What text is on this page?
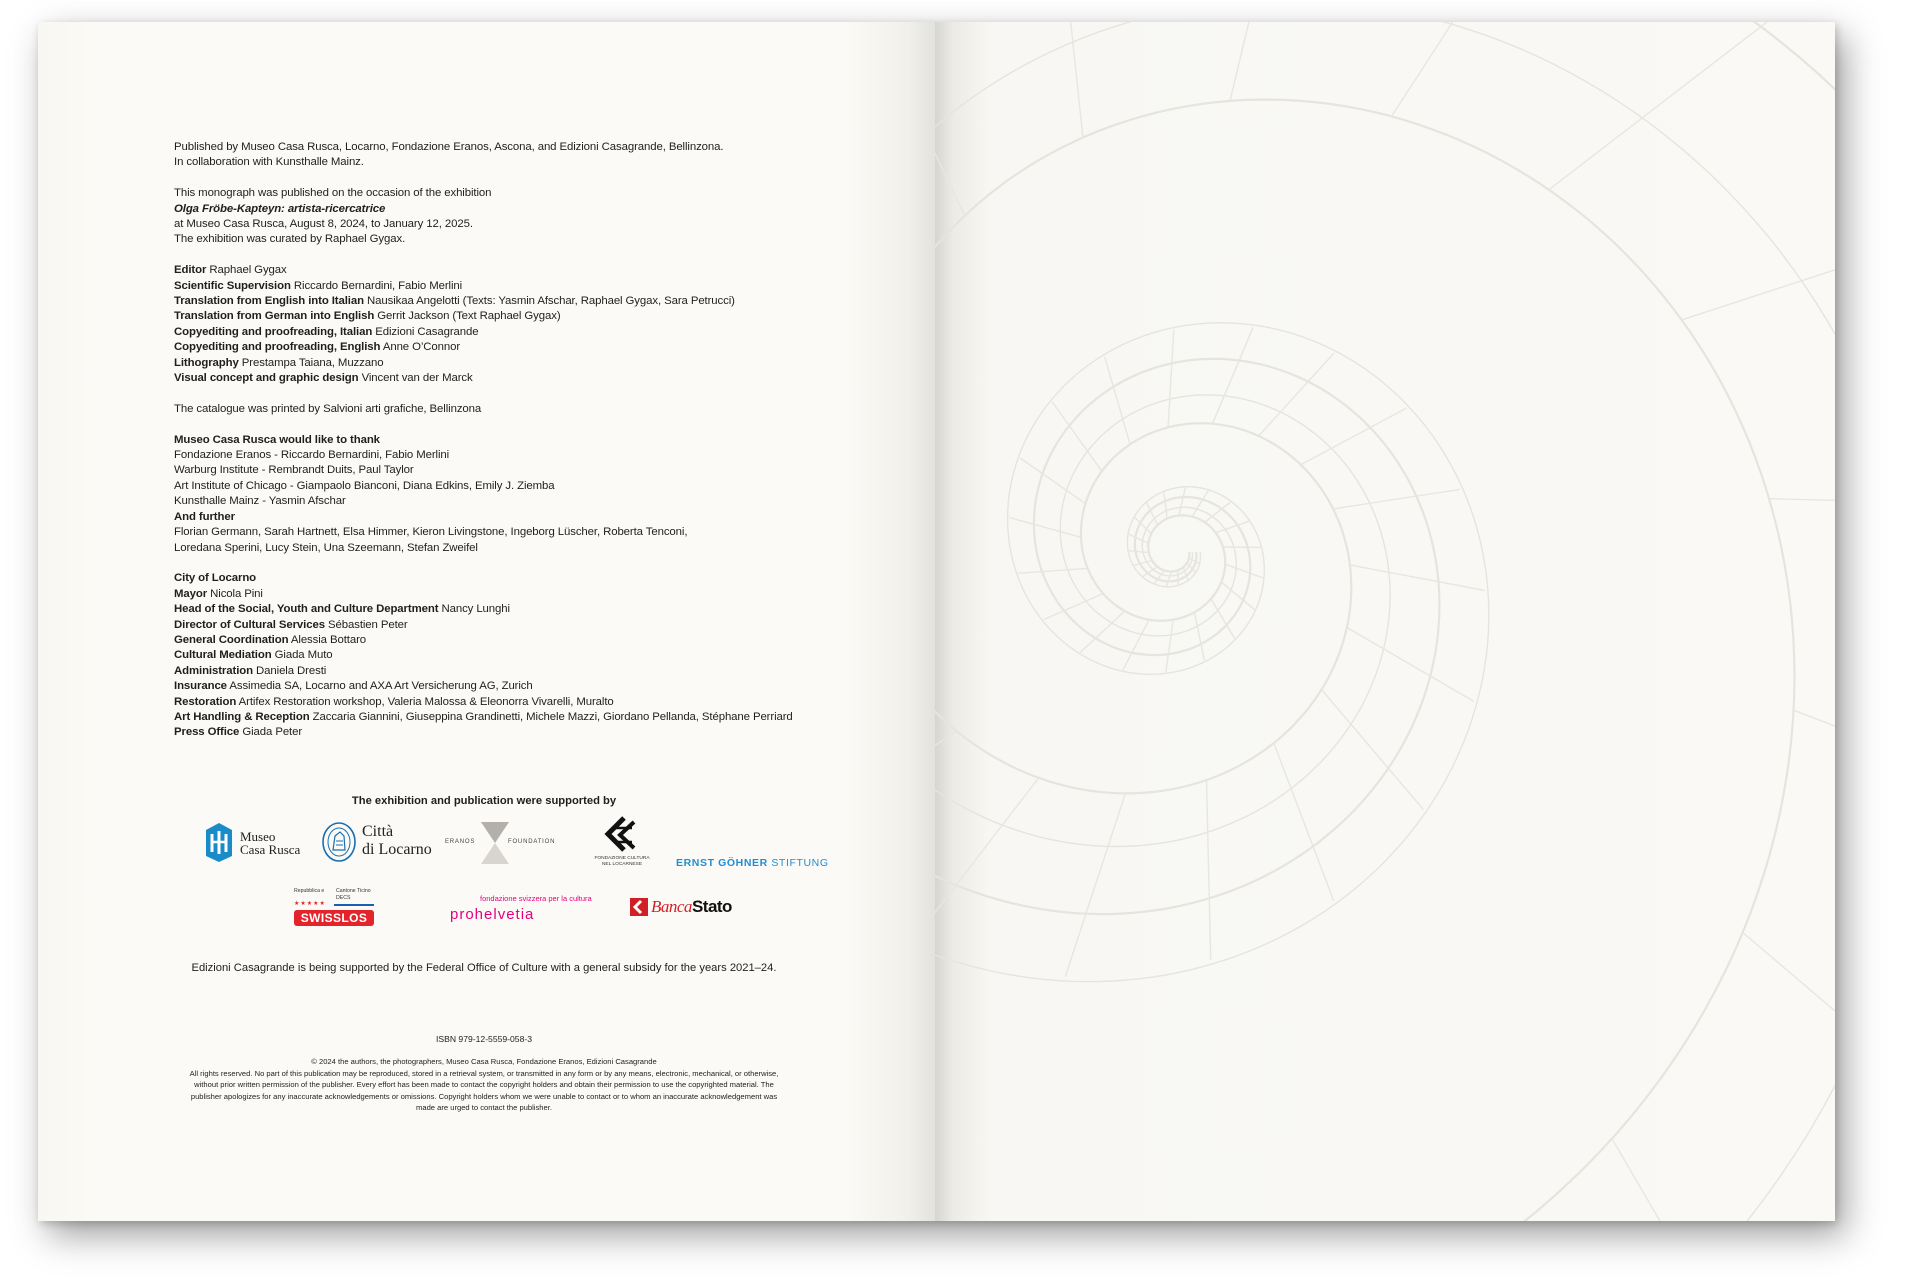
Published by Museo Casa Rusca, Locarno, Fondazione Eranos, Ascona, and Edizioni Casagrande, Bellinzona.

In collaboration with Kunsthalle Mainz.

This monograph was published on the occasion of the exhibition

Olga Fröbe-Kapteyn: artista-ricercatrice

at Museo Casa Rusca, August 8, 2024, to January 12, 2025.

The exhibition was curated by Raphael Gygax.

Editor Raphael Gygax

Scientific Supervision Riccardo Bernardini, Fabio Merlini

Translation from English into Italian Nausikaa Angelotti (Texts: Yasmin Afschar, Raphael Gygax, Sara Petrucci)

Translation from German into English Gerrit Jackson (Text Raphael Gygax)

Copyediting and proofreading, Italian Edizioni Casagrande

Copyediting and proofreading, English Anne O’Connor

Lithography Prestampa Taiana, Muzzano

Visual concept and graphic design Vincent van der Marck

The catalogue was printed by Salvioni arti grafiche, Bellinzona

Museo Casa Rusca would like to thank

Fondazione Eranos - Riccardo Bernardini, Fabio Merlini

Warburg Institute - Rembrandt Duits, Paul Taylor

Art Institute of Chicago - Giampaolo Bianconi, Diana Edkins, Emily J. Ziemba

Kunsthalle Mainz - Yasmin Afschar

And further

Florian Germann, Sarah Hartnett, Elsa Himmer, Kieron Livingstone, Ingeborg Lüscher, Roberta Tenconi,

Loredana Sperini, Lucy Stein, Una Szeemann, Stefan Zweifel

City of Locarno

Mayor Nicola Pini

Head of the Social, Youth and Culture Department Nancy Lunghi

Director of Cultural Services Sébastien Peter

General Coordination Alessia Bottaro

Cultural Mediation Giada Muto

Administration Daniela Dresti

Insurance Assimedia SA, Locarno and AXA Art Versicherung AG, Zurich

Restoration Artifex Restoration workshop, Valeria Malossa & Eleonorra Vivarelli, Muralto

Art Handling & Reception Zaccaria Giannini, Giuseppina Grandinetti, Michele Mazzi, Giordano Pellanda, Stéphane Perriard

Press Office Giada Peter

The exhibition and publication were supported by
Museo
Casa Rusca
Città
di Locarno ERANOS	FOUNDATION
FONDAZIONE CULTURA
NEL LOCARNESE	ERNST GÖHNER STIFTUNG
Repubblica e Cantone Ticino
DECS
★★★★★
SWISSLOS
fondazione svizzera per la cultura
prohelvetia	BancaStato
Edizioni Casagrande is being supported by the Federal Office of Culture with a general subsidy for the years 2021–24.
ISBN 979-12-5559-058-3
© 2024 the authors, the photographers, Museo Casa Rusca, Fondazione Eranos, Edizioni Casagrande
All rights reserved. No part of this publication may be reproduced, stored in a retrieval system, or transmitted in any form or by any means, electronic, mechanical, or otherwise,
without prior written permission of the publisher. Every effort has been made to contact the copyright holders and obtain their permission to use the copyrighted material. The
publisher apologizes for any inaccurate acknowledgements or omissions. Copyright holders whom we were unable to contact or to whom an inaccurate acknowledgement was
made are urged to contact the publisher.
